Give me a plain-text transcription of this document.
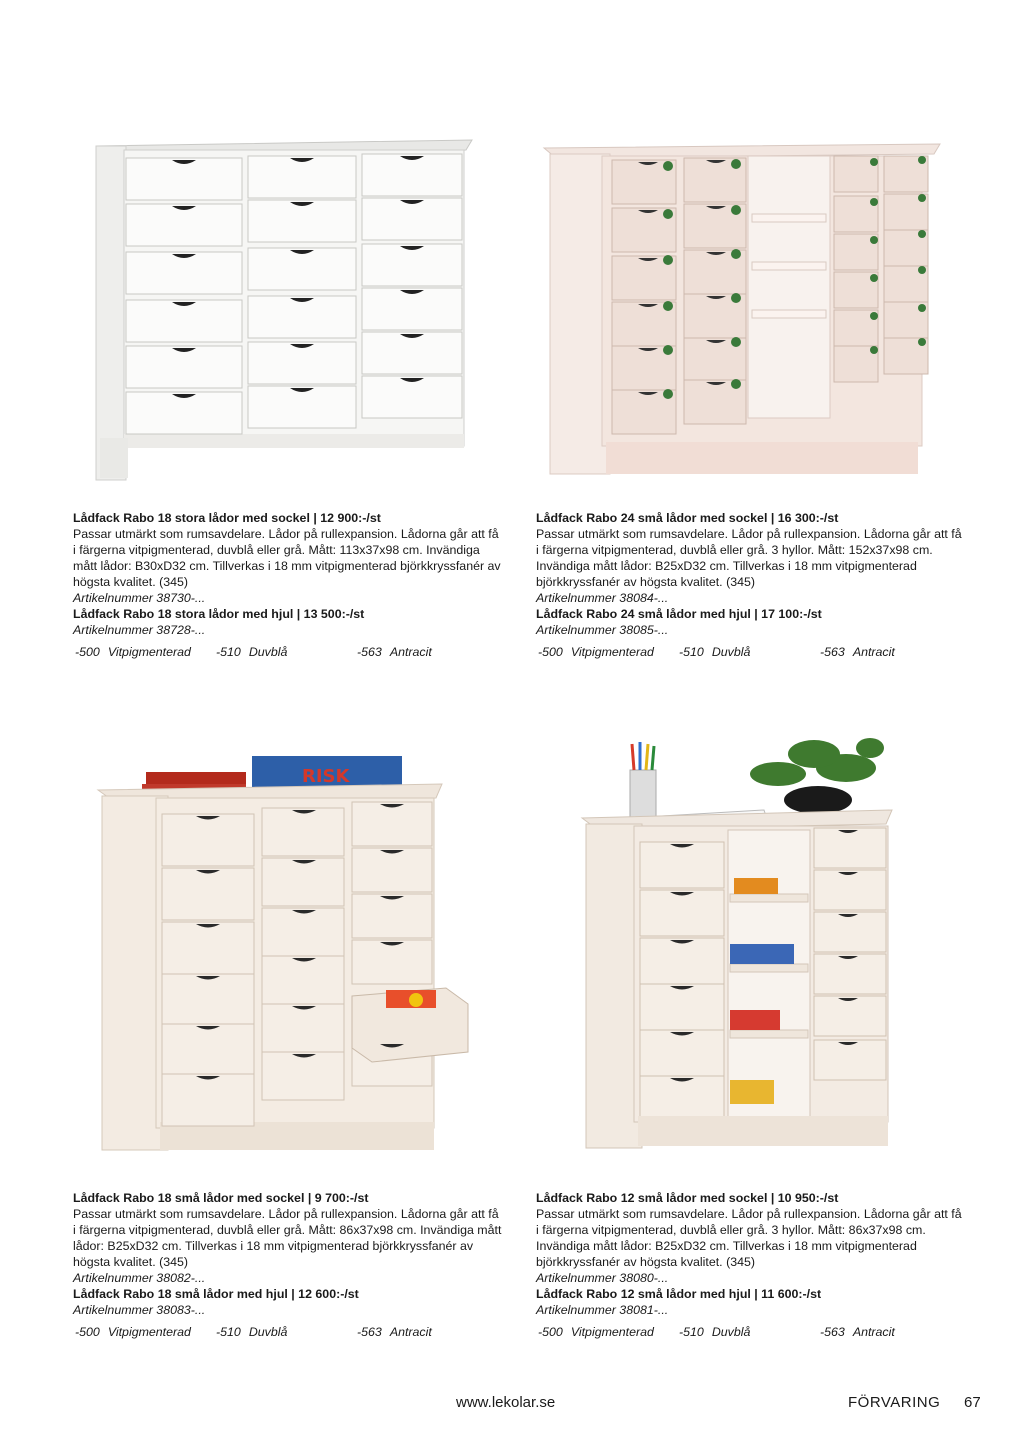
RISK
Lådfack Rabo 18 stora lådor med sockel | 12 900:-/st
Passar utmärkt som rumsavdelare. Lådor på rullexpansion. Lådorna går att få i färgerna vitpigmenterad, duvblå eller grå. Mått: 113x37x98 cm. Invändiga mått lådor: B30xD32 cm. Tillverkas i 18 mm vitpigmenterad björkkryssfanér av högsta kvalitet. (345)
Artikelnummer 38730-...
Lådfack Rabo 18 stora lådor med hjul | 13 500:-/st
Artikelnummer 38728-...
-500 Vitpigmenterad -510 Duvblå	-563 Antracit
Lådfack Rabo 24 små lådor med sockel | 16 300:-/st
Passar utmärkt som rumsavdelare. Lådor på rullexpansion. Lådorna går att få i färgerna vitpigmenterad, duvblå eller grå. 3 hyllor. Mått: 152x37x98 cm. Invändiga mått lådor: B25xD32 cm. Tillverkas i 18 mm vitpigmenterad björkkryssfanér av högsta kvalitet. (345)
Artikelnummer 38084-...
Lådfack Rabo 24 små lådor med hjul | 17 100:-/st
Artikelnummer 38085-...
-500 Vitpigmenterad -510 Duvblå	-563 Antracit
Lådfack Rabo 18 små lådor med sockel | 9 700:-/st
Passar utmärkt som rumsavdelare. Lådor på rullexpansion. Lådorna går att få i färgerna vitpigmenterad, duvblå eller grå. Mått: 86x37x98 cm. Invändiga mått lådor: B25xD32 cm. Tillverkas i 18 mm vitpigmenterad björkkryssfanér av högsta kvalitet. (345)
Artikelnummer 38082-...
Lådfack Rabo 18 små lådor med hjul | 12 600:-/st
Artikelnummer 38083-...
-500 Vitpigmenterad -510 Duvblå	-563 Antracit
Lådfack Rabo 12 små lådor med sockel | 10 950:-/st
Passar utmärkt som rumsavdelare. Lådor på rullexpansion. Lådorna går att få i färgerna vitpigmenterad, duvblå eller grå. 3 hyllor. Mått: 86x37x98 cm. Invändiga mått lådor: B25xD32 cm. Tillverkas i 18 mm vitpigmenterad björkkryssfanér av högsta kvalitet. (345)
Artikelnummer 38080-...
Lådfack Rabo 12 små lådor med hjul | 11 600:-/st
Artikelnummer 38081-...
-500 Vitpigmenterad -510 Duvblå	-563 Antracit
www.lekolar.se	FÖRVARING 67
